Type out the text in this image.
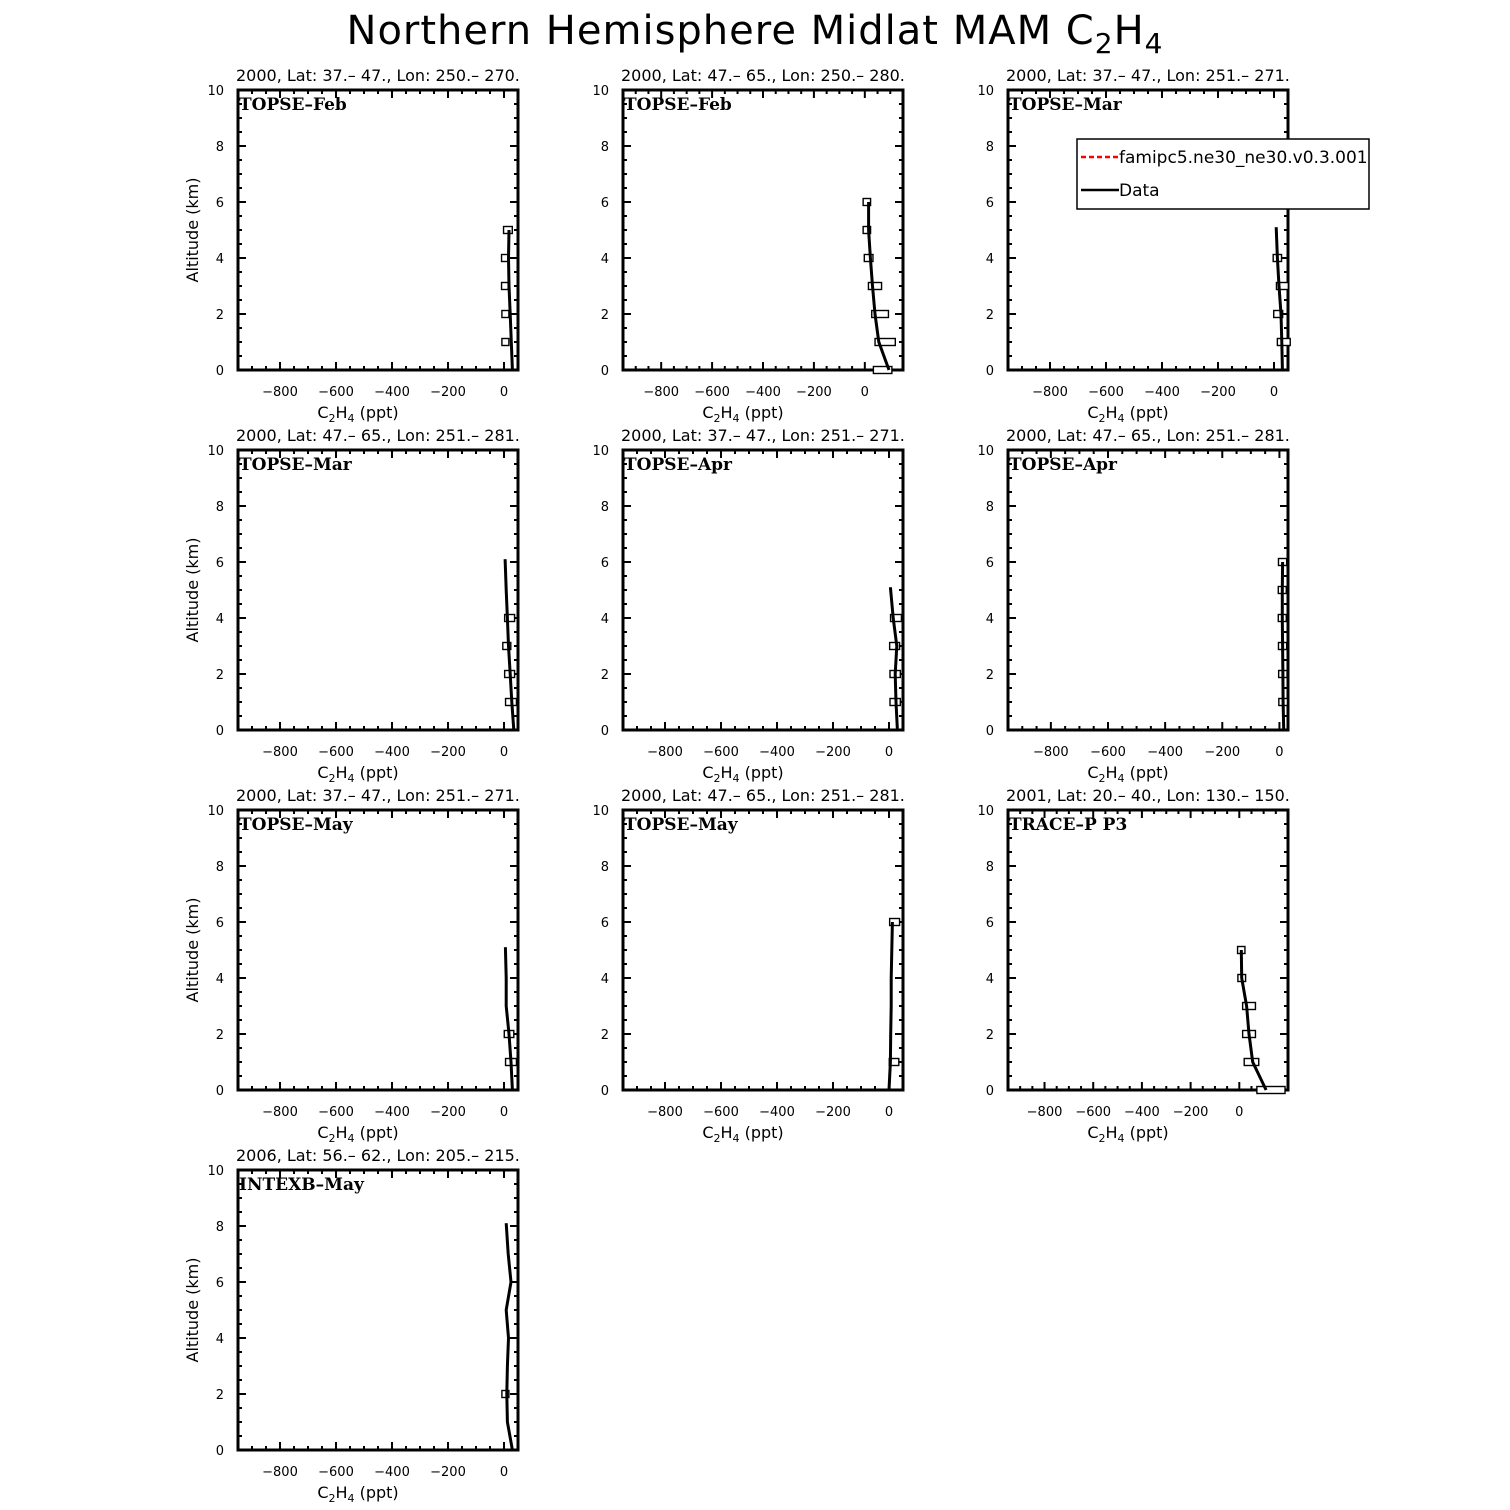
Northern Hemisphere Midlat MAM $C_2H_4$
0
2
4
6
8
10
−800 −600 −400 −200	0
$C_2H_4$ (ppt)
Altitude (km)
2000, Lat: 37.– 47., Lon: 250.– 270.
TOPSE–Feb
0
2
4
6
8
10
−800 −600 −400 −200 0
$C_2H_4$ (ppt)
2000, Lat: 47.– 65., Lon: 250.– 280.
TOPSE–Feb
0
2
4
6
8
10
−800 −600 −400 −200	0
$C_2H_4$ (ppt)
2000, Lat: 37.– 47., Lon: 251.– 271.
TOPSE–Mar
0
2
4
6
8
10
−800 −600 −400 −200	0
$C_2H_4$ (ppt)
Altitude (km)
2000, Lat: 47.– 65., Lon: 251.– 281.
TOPSE–Mar
0
2
4
6
8
10
−800 −600 −400 −200	0
$C_2H_4$ (ppt)
2000, Lat: 37.– 47., Lon: 251.– 271.
TOPSE–Apr
0
2
4
6
8
10
−800 −600 −400 −200	0
$C_2H_4$ (ppt)
2000, Lat: 47.– 65., Lon: 251.– 281.
TOPSE–Apr
0
2
4
6
8
10
−800 −600 −400 −200	0
$C_2H_4$ (ppt)
Altitude (km)
2000, Lat: 37.– 47., Lon: 251.– 271.
TOPSE–May
0
2
4
6
8
10
−800 −600 −400 −200	0
$C_2H_4$ (ppt)
2000, Lat: 47.– 65., Lon: 251.– 281.
TOPSE–May
0
2
4
6
8
10
−800 −600 −400 −200 0
$C_2H_4$ (ppt)
2001, Lat: 20.– 40., Lon: 130.– 150.
TRACE–P P3
0
2
4
6
8
10
−800 −600 −400 −200	0
$C_2H_4$ (ppt)
Altitude (km)
2006, Lat: 56.– 62., Lon: 205.– 215.
INTEXB–May
famipc5.ne30_ne30.v0.3.001
Data
